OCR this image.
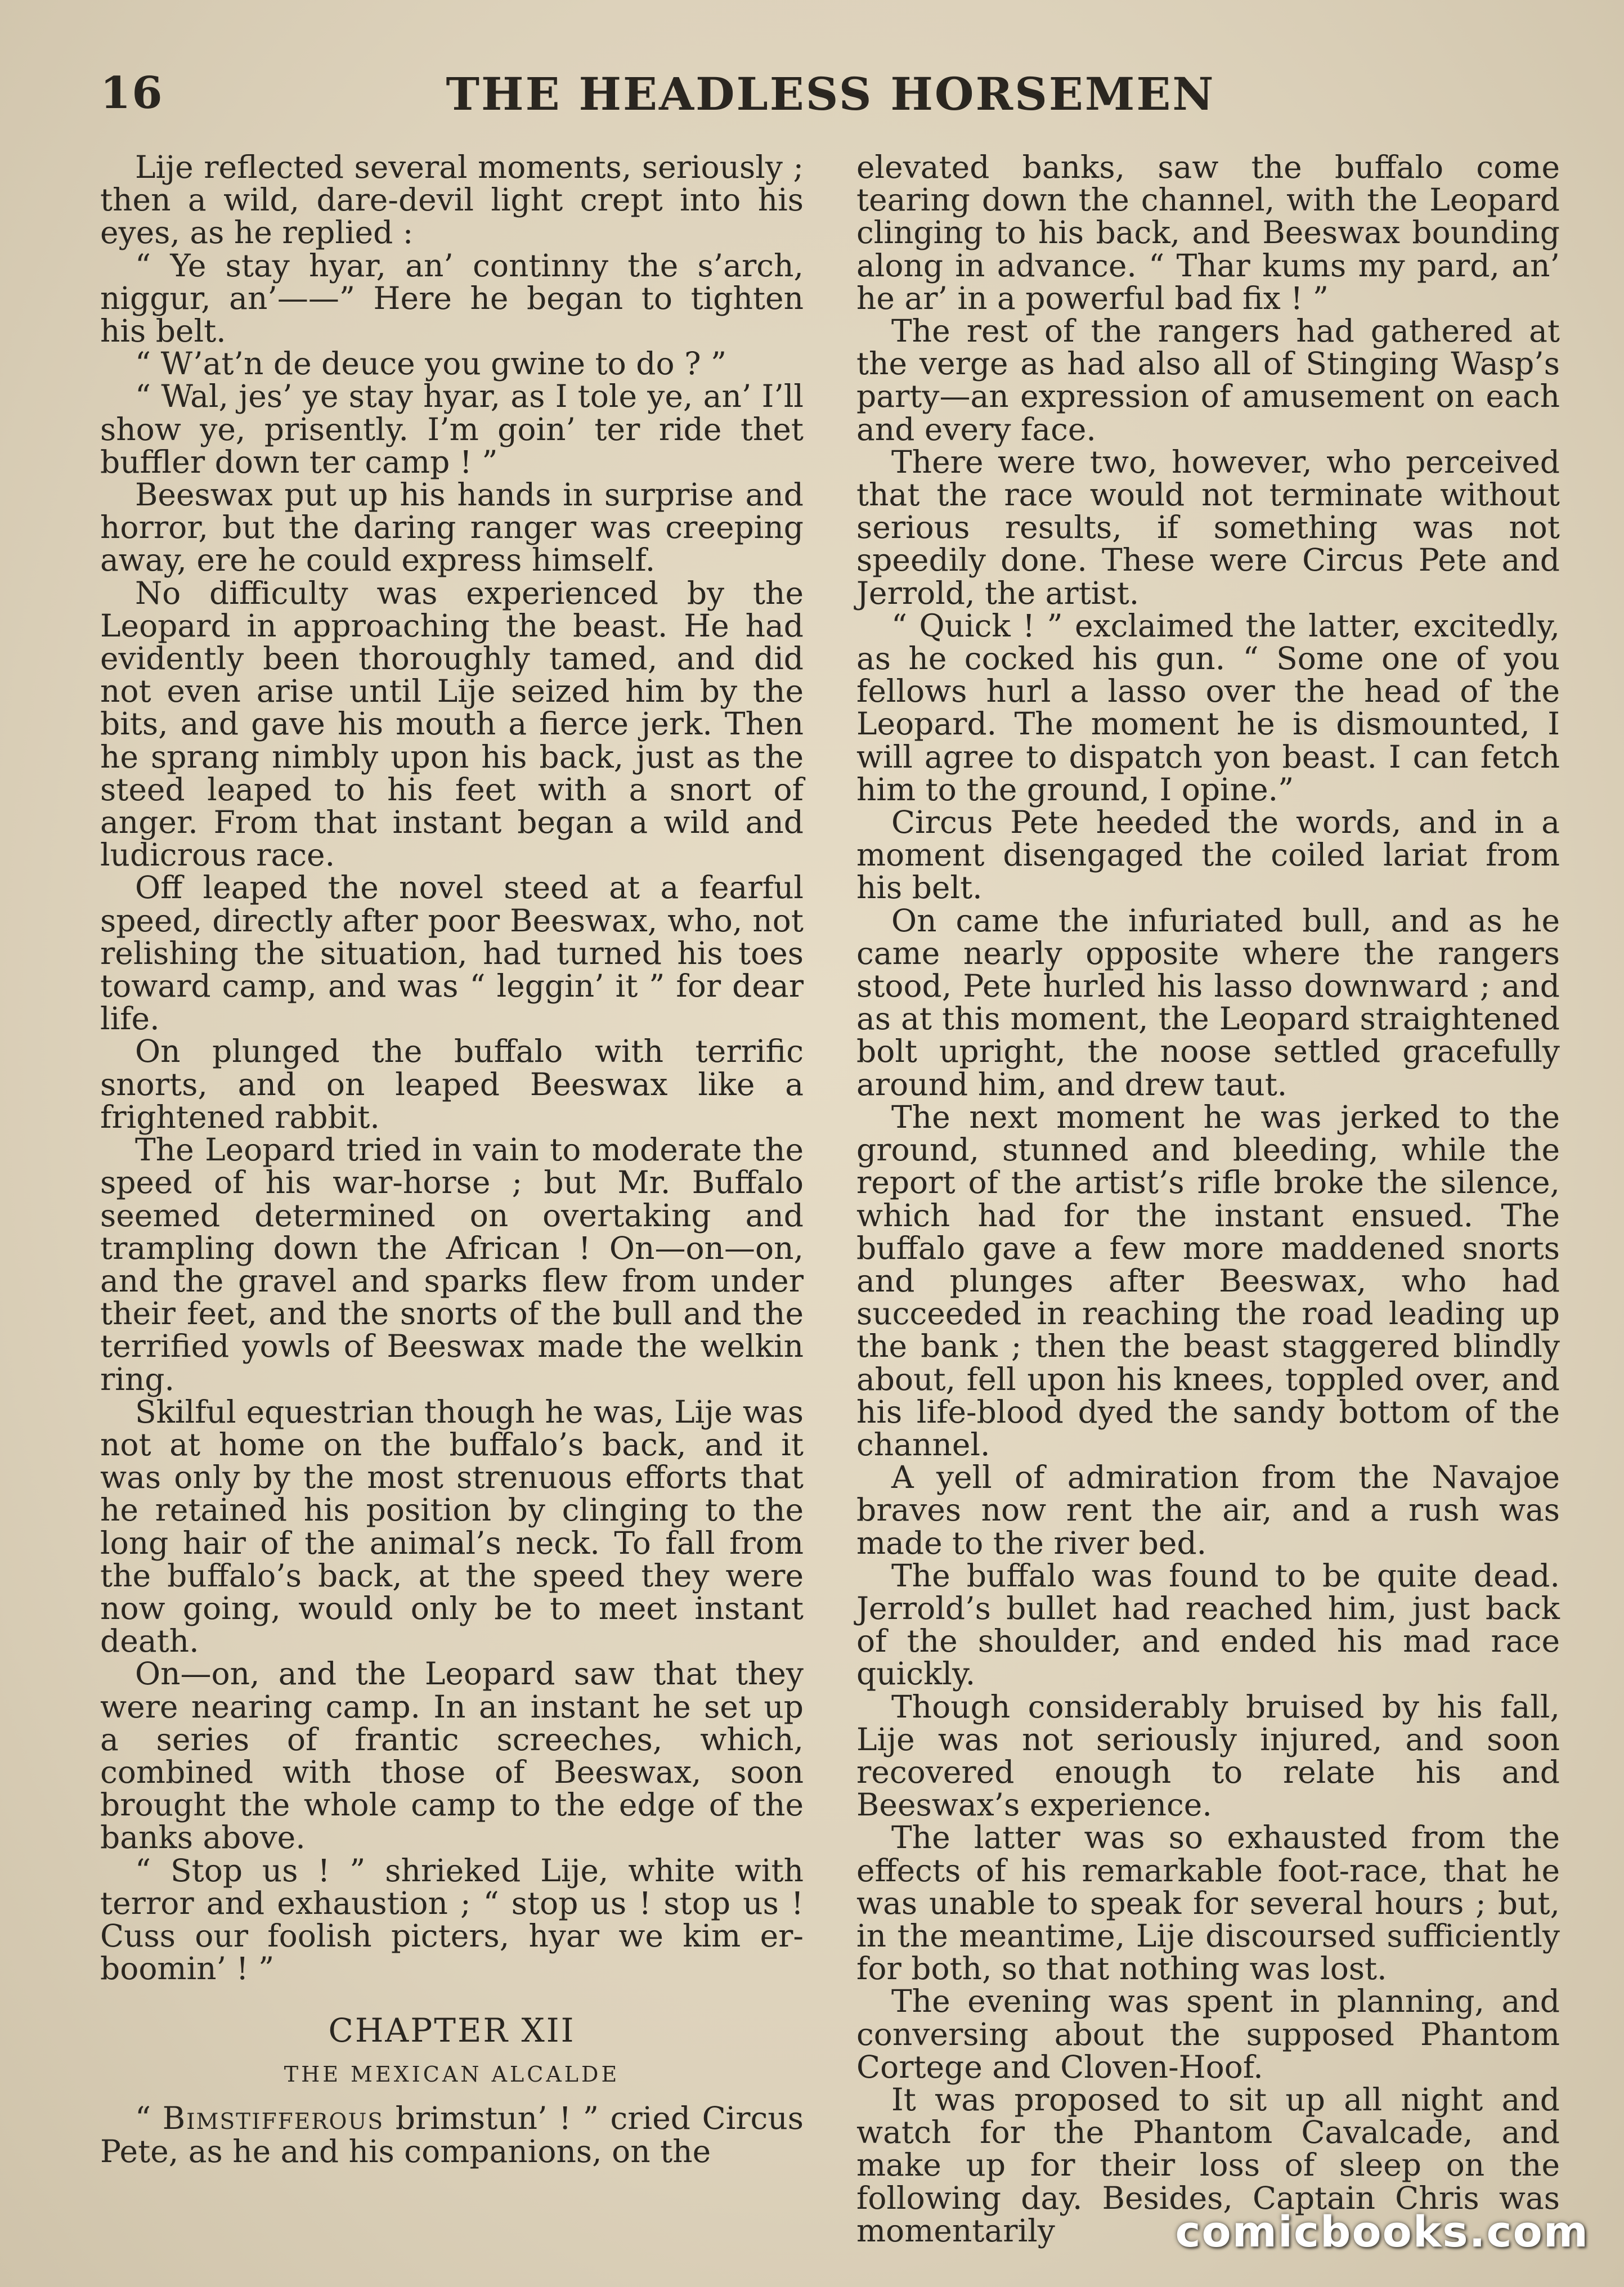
16	THE HEADLESS HORSEMEN

Lije reflected several moments, seriously ; then a wild, dare-devil light crept into his eyes, as he replied :

“ Ye stay hyar, an’ continny the s’arch, niggur, an’——” Here he began to tighten his belt.

“ W’at’n de deuce you gwine to do ? ”

“ Wal, jes’ ye stay hyar, as I tole ye, an’ I’ll show ye, prisently. I’m goin’ ter ride thet buffler down ter camp ! ”

Beeswax put up his hands in surprise and horror, but the daring ranger was creeping away, ere he could express himself.

No difficulty was experienced by the Leopard in approaching the beast. He had evidently been thoroughly tamed, and did not even arise until Lije seized him by the bits, and gave his mouth a fierce jerk. Then he sprang nimbly upon his back, just as the steed leaped to his feet with a snort of anger. From that instant began a wild and ludicrous race.

Off leaped the novel steed at a fearful speed, directly after poor Beeswax, who, not relishing the situation, had turned his toes toward camp, and was “ leggin’ it ” for dear life.

On plunged the buffalo with terrific snorts, and on leaped Beeswax like a frightened rabbit.

The Leopard tried in vain to moderate the speed of his war-horse ; but Mr. Buffalo seemed determined on overtaking and trampling down the African ! On—on—on, and the gravel and sparks flew from under their feet, and the snorts of the bull and the terrified yowls of Beeswax made the welkin ring.

Skilful equestrian though he was, Lije was not at home on the buffalo’s back, and it was only by the most strenuous efforts that he retained his position by clinging to the long hair of the animal’s neck. To fall from the buffalo’s back, at the speed they were now going, would only be to meet instant death.

On—on, and the Leopard saw that they were nearing camp. In an instant he set up a series of frantic screeches, which, combined with those of Beeswax, soon brought the whole camp to the edge of the banks above.

“ Stop us ! ” shrieked Lije, white with terror and exhaustion ; “ stop us ! stop us ! Cuss our foolish picters, hyar we kim er-boomin’ ! ”

CHAPTER XII
THE MEXICAN ALCALDE

“ Bimstifferous brimstun’ ! ” cried Circus Pete, as he and his companions, on the

elevated banks, saw the buffalo come tearing down the channel, with the Leopard clinging to his back, and Beeswax bounding along in advance. “ Thar kums my pard, an’ he ar’ in a powerful bad fix ! ”

The rest of the rangers had gathered at the verge as had also all of Stinging Wasp’s party—an expression of amusement on each and every face.

There were two, however, who perceived that the race would not terminate without serious results, if something was not speedily done. These were Circus Pete and Jerrold, the artist.

“ Quick ! ” exclaimed the latter, excitedly, as he cocked his gun. “ Some one of you fellows hurl a lasso over the head of the Leopard. The moment he is dismounted, I will agree to dispatch yon beast. I can fetch him to the ground, I opine.”

Circus Pete heeded the words, and in a moment disengaged the coiled lariat from his belt.

On came the infuriated bull, and as he came nearly opposite where the rangers stood, Pete hurled his lasso downward ; and as at this moment, the Leopard straightened bolt upright, the noose settled gracefully around him, and drew taut.

The next moment he was jerked to the ground, stunned and bleeding, while the report of the artist’s rifle broke the silence, which had for the instant ensued. The buffalo gave a few more maddened snorts and plunges after Beeswax, who had succeeded in reaching the road leading up the bank ; then the beast staggered blindly about, fell upon his knees, toppled over, and his life-blood dyed the sandy bottom of the channel.

A yell of admiration from the Navajoe braves now rent the air, and a rush was made to the river bed.

The buffalo was found to be quite dead. Jerrold’s bullet had reached him, just back of the shoulder, and ended his mad race quickly.

Though considerably bruised by his fall, Lije was not seriously injured, and soon recovered enough to relate his and Beeswax’s experience.

The latter was so exhausted from the effects of his remarkable foot-race, that he was unable to speak for several hours ; but, in the meantime, Lije discoursed sufficiently for both, so that nothing was lost.

The evening was spent in planning, and conversing about the supposed Phantom Cortege and Cloven-Hoof.

It was proposed to sit up all night and watch for the Phantom Cavalcade, and make up for their loss of sleep on the following day. Besides, Captain Chris was momentarily	comicbooks.com
